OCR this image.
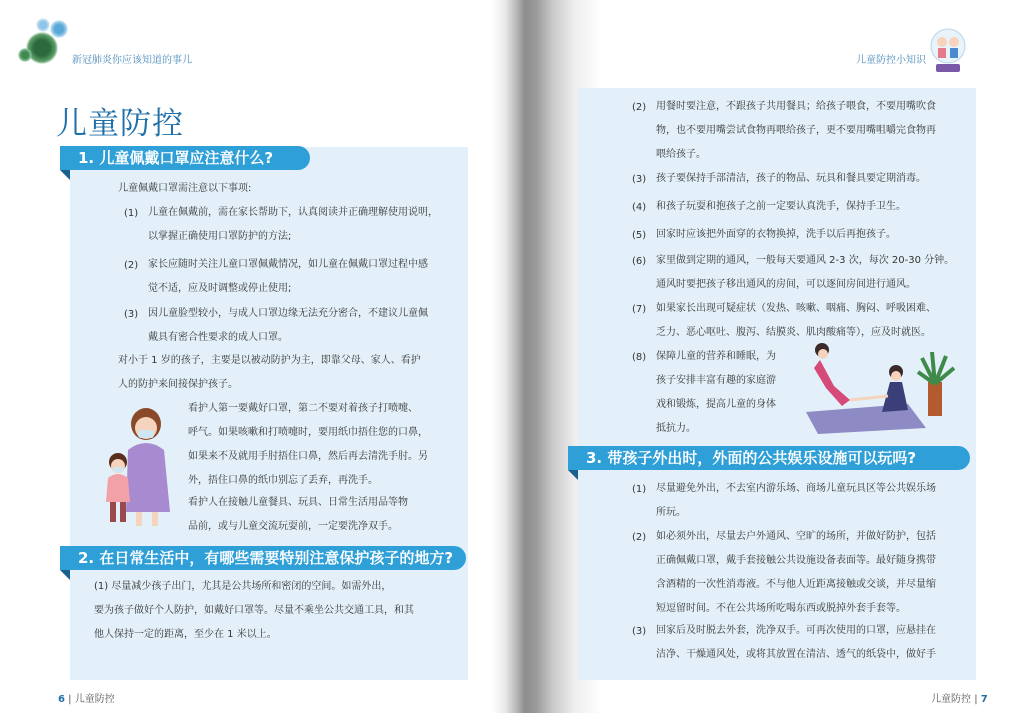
新冠肺炎你应该知道的事儿
儿童防控
1. 儿童佩戴口罩应注意什么?
儿童佩戴口罩需注意以下事项:
(1) 儿童在佩戴前，需在家长帮助下，认真阅读并正确理解使用说明，
以掌握正确使用口罩防护的方法;
(2) 家长应随时关注儿童口罩佩戴情况，如儿童在佩戴口罩过程中感
觉不适，应及时调整或停止使用;
(3) 因儿童脸型较小，与成人口罩边缘无法充分密合，不建议儿童佩
戴具有密合性要求的成人口罩。
对小于 1 岁的孩子，主要是以被动防护为主，即靠父母、家人、看护
人的防护来间接保护孩子。
看护人第一要戴好口罩，第二不要对着孩子打喷嚏、
呼气。如果咳嗽和打喷嚏时，要用纸巾捂住您的口鼻，
如果来不及就用手肘捂住口鼻，然后再去清洗手肘。另
外，捂住口鼻的纸巾别忘了丢弃，再洗手。
看护人在接触儿童餐具、玩具、日常生活用品等物
品前，或与儿童交流玩耍前，一定要洗净双手。
2. 在日常生活中，有哪些需要特别注意保护孩子的地方?
(1) 尽量减少孩子出门，尤其是公共场所和密闭的空间。如需外出，
要为孩子做好个人防护，如戴好口罩等。尽量不乘坐公共交通工具，和其
他人保持一定的距离，至少在 1 米以上。
6 | 儿童防控
儿童防控小知识
(2) 用餐时要注意，不跟孩子共用餐具；给孩子喂食，不要用嘴吹食
物，也不要用嘴尝试食物再喂给孩子，更不要用嘴咀嚼完食物再
喂给孩子。
(3) 孩子要保持手部清洁，孩子的物品、玩具和餐具要定期消毒。
(4) 和孩子玩耍和抱孩子之前一定要认真洗手，保持手卫生。
(5) 回家时应该把外面穿的衣物换掉，洗手以后再抱孩子。
(6) 家里做到定期的通风，一般每天要通风 2-3 次，每次 20-30 分钟。
通风时要把孩子移出通风的房间，可以逐间房间进行通风。
(7) 如果家长出现可疑症状（发热、咳嗽、咽痛、胸闷、呼吸困难、
乏力、恶心呕吐、腹泻、结膜炎、肌肉酸痛等），应及时就医。
(8) 保障儿童的营养和睡眠，为
孩子安排丰富有趣的家庭游
戏和锻炼，提高儿童的身体
抵抗力。
3. 带孩子外出时，外面的公共娱乐设施可以玩吗?
(1) 尽量避免外出，不去室内游乐场、商场儿童玩具区等公共娱乐场
所玩。
(2) 如必须外出，尽量去户外通风、空旷的场所，并做好防护，包括
正确佩戴口罩，戴手套接触公共设施设备表面等。最好随身携带
含酒精的一次性消毒液。不与他人近距离接触或交谈，并尽量缩
短逗留时间。不在公共场所吃喝东西或脱掉外套手套等。
(3) 回家后及时脱去外套，洗净双手。可再次使用的口罩，应悬挂在
洁净、干燥通风处，或将其放置在清洁、透气的纸袋中，做好手
儿童防控 | 7
